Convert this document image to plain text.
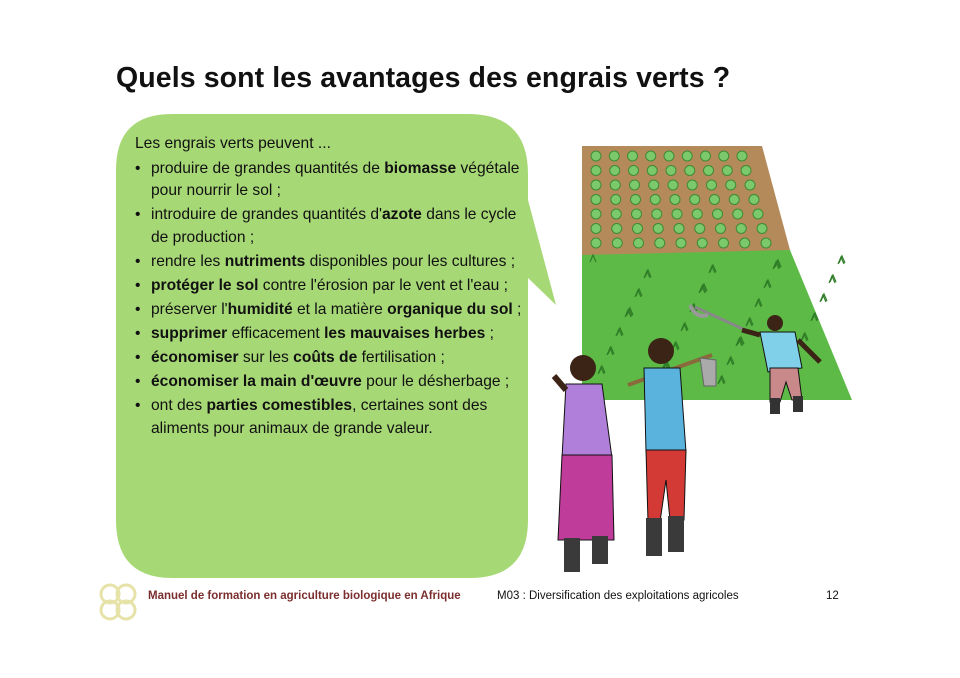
Quels sont les avantages des engrais verts ?
Les engrais verts peuvent ...
• produire de grandes quantités de biomasse végétale pour nourrir le sol ;
• introduire de grandes quantités d'azote dans le cycle de production ;
• rendre les nutriments disponibles pour les cultures ;
• protéger le sol contre l'érosion par le vent et l'eau ;
• préserver l'humidité et la matière organique du sol ;
• supprimer efficacement les mauvaises herbes ;
• économiser sur les coûts de fertilisation ;
• économiser la main d'œuvre pour le désherbage ;
• ont des parties comestibles, certaines sont des aliments pour animaux de grande valeur.
Manuel de formation en agriculture biologique en Afrique	M03 : Diversification des exploitations agricoles	12
